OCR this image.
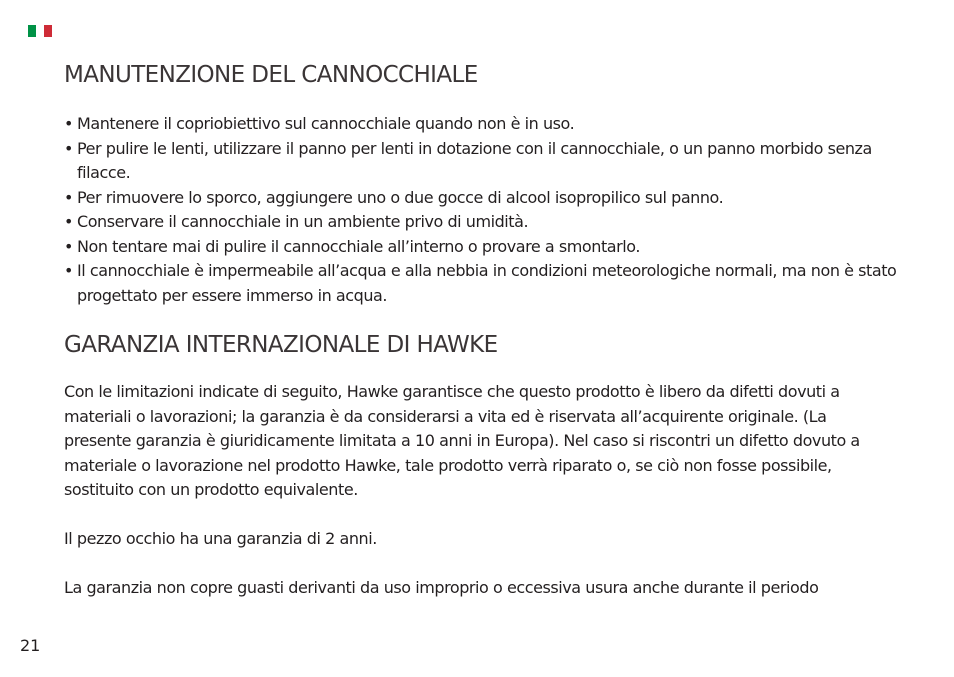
MANUTENZIONE DEL CANNOCCHIALE
• Mantenere il copriobiettivo sul cannocchiale quando non è in uso.
• Per pulire le lenti, utilizzare il panno per lenti in dotazione con il cannocchiale, o un panno morbido senza filacce.
• Per rimuovere lo sporco, aggiungere uno o due gocce di alcool isopropilico sul panno.
• Conservare il cannocchiale in un ambiente privo di umidità.
• Non tentare mai di pulire il cannocchiale all’interno o provare a smontarlo.
• Il cannocchiale è impermeabile all’acqua e alla nebbia in condizioni meteorologiche normali, ma non è stato progettato per essere immerso in acqua.
GARANZIA INTERNAZIONALE DI HAWKE

Con le limitazioni indicate di seguito, Hawke garantisce che questo prodotto è libero da difetti dovuti a materiali o lavorazioni; la garanzia è da considerarsi a vita ed è riservata all’acquirente originale. (La presente garanzia è giuridicamente limitata a 10 anni in Europa). Nel caso si riscontri un difetto dovuto a materiale o lavorazione nel prodotto Hawke, tale prodotto verrà riparato o, se ciò non fosse possibile, sostituito con un prodotto equivalente.

Il pezzo occhio ha una garanzia di 2 anni.

La garanzia non copre guasti derivanti da uso improprio o eccessiva usura anche durante il periodo

21
